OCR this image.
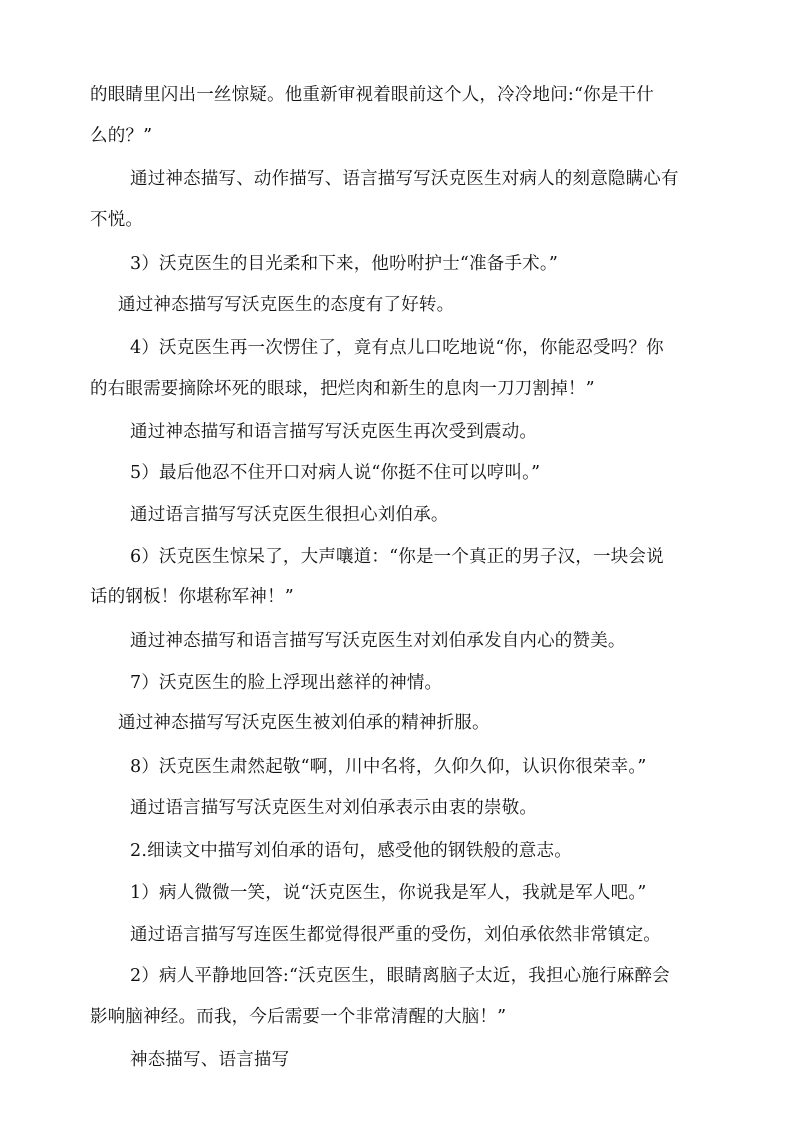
的眼睛里闪出一丝惊疑。他重新审视着眼前这个人，冷冷地问:“你是干什
么的？”
通过神态描写、动作描写、语言描写写沃克医生对病人的刻意隐瞒心有
不悦。
3）沃克医生的目光柔和下来，他吩咐护士“准备手术。”
通过神态描写写沃克医生的态度有了好转。
4）沃克医生再一次愣住了，竟有点儿口吃地说“你，你能忍受吗？你
的右眼需要摘除坏死的眼球，把烂肉和新生的息肉一刀刀割掉！”
通过神态描写和语言描写写沃克医生再次受到震动。
5）最后他忍不住开口对病人说“你挺不住可以哼叫。”
通过语言描写写沃克医生很担心刘伯承。
6）沃克医生惊呆了，大声嚷道：“你是一个真正的男子汉，一块会说
话的钢板！你堪称军神！”
通过神态描写和语言描写写沃克医生对刘伯承发自内心的赞美。
7）沃克医生的脸上浮现出慈祥的神情。
通过神态描写写沃克医生被刘伯承的精神折服。
8）沃克医生肃然起敬“啊，川中名将，久仰久仰，认识你很荣幸。”
通过语言描写写沃克医生对刘伯承表示由衷的崇敬。
2.细读文中描写刘伯承的语句，感受他的钢铁般的意志。
1）病人微微一笑，说“沃克医生，你说我是军人，我就是军人吧。”
通过语言描写写连医生都觉得很严重的受伤，刘伯承依然非常镇定。
2）病人平静地回答:“沃克医生，眼睛离脑子太近，我担心施行麻醉会
影响脑神经。而我，今后需要一个非常清醒的大脑！”
神态描写、语言描写
